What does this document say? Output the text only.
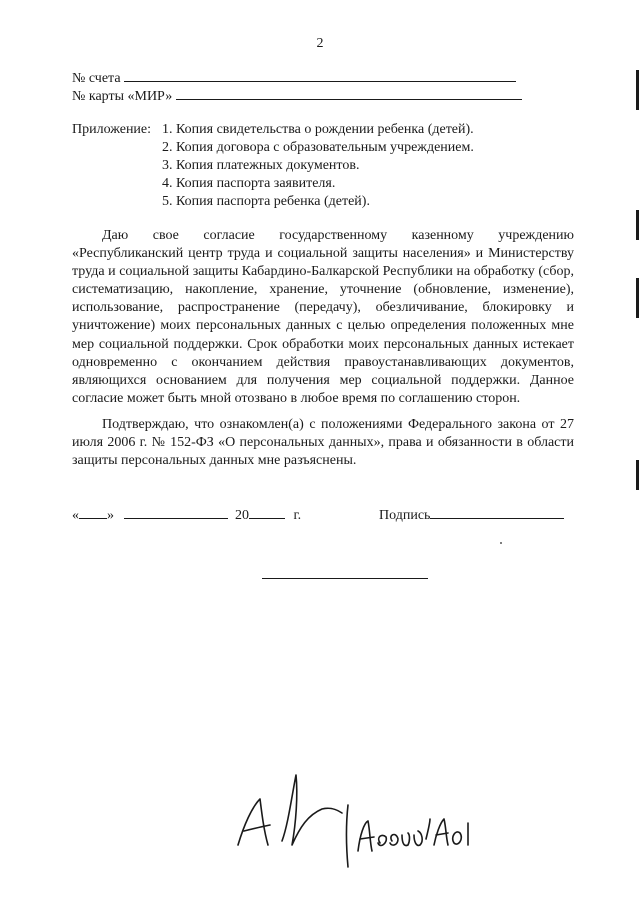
2
№ счета
№ карты «МИР»
Приложение: 1. Копия свидетельства о рождении ребенка (детей).
2. Копия договора с образовательным учреждением.
3. Копия платежных документов.
4. Копия паспорта заявителя.
5. Копия паспорта ребенка (детей).

Даю свое согласие государственному казенному учреждению «Республиканский центр труда и социальной защиты населения» и Министерству труда и социальной защиты Кабардино-Балкарской Республики на обработку (сбор, систематизацию, накопление, хранение, уточнение (обновление, изменение), использование, распространение (передачу), обезличивание, блокировку и уничтожение) моих персональных данных с целью определения положенных мне мер социальной поддержки. Срок обработки моих персональных данных истекает одновременно с окончанием действия правоустанавливающих документов, являющихся основанием для получения мер социальной поддержки. Данное согласие может быть мной отозвано в любое время по соглашению сторон.

Подтверждаю, что ознакомлен(а) с положениями Федерального закона от 27 июля 2006 г. № 152-ФЗ «О персональных данных», права и обязанности в области защиты персональных данных мне разъяснены.

« »	20	г.	Подпись
